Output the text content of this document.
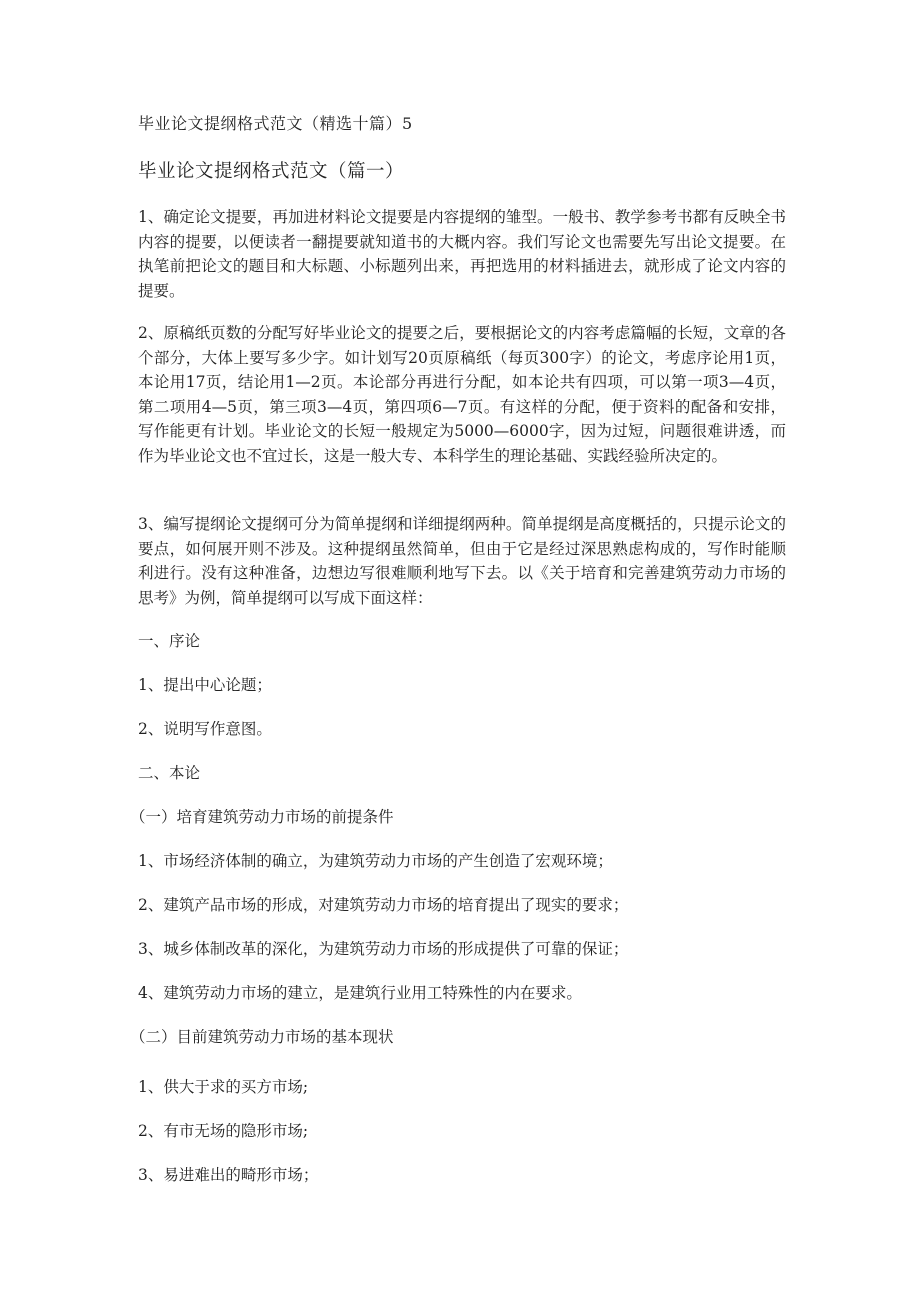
毕业论文提纲格式范文（精选十篇）5
毕业论文提纲格式范文（篇一）

1、确定论文提要，再加进材料论文提要是内容提纲的雏型。一般书、教学参考书都有反映全书内容的提要，以便读者一翻提要就知道书的大概内容。我们写论文也需要先写出论文提要。在执笔前把论文的题目和大标题、小标题列出来，再把选用的材料插进去，就形成了论文内容的提要。

2、原稿纸页数的分配写好毕业论文的提要之后，要根据论文的内容考虑篇幅的长短，文章的各个部分，大体上要写多少字。如计划写20页原稿纸（每页300字）的论文，考虑序论用1页，本论用17页，结论用1—2页。本论部分再进行分配，如本论共有四项，可以第一项3—4页，第二项用4—5页，第三项3—4页，第四项6—7页。有这样的分配，便于资料的配备和安排，写作能更有计划。毕业论文的长短一般规定为5000—6000字，因为过短，问题很难讲透，而作为毕业论文也不宜过长，这是一般大专、本科学生的理论基础、实践经验所决定的。

3、编写提纲论文提纲可分为简单提纲和详细提纲两种。简单提纲是高度概括的，只提示论文的要点，如何展开则不涉及。这种提纲虽然简单，但由于它是经过深思熟虑构成的，写作时能顺利进行。没有这种准备，边想边写很难顺利地写下去。以《关于培育和完善建筑劳动力市场的思考》为例，简单提纲可以写成下面这样：

一、序论
1、提出中心论题；
2、说明写作意图。
二、本论
（一）培育建筑劳动力市场的前提条件
1、市场经济体制的确立，为建筑劳动力市场的产生创造了宏观环境；
2、建筑产品市场的形成，对建筑劳动力市场的培育提出了现实的要求；
3、城乡体制改革的深化，为建筑劳动力市场的形成提供了可靠的保证；
4、建筑劳动力市场的建立，是建筑行业用工特殊性的内在要求。
（二）目前建筑劳动力市场的基本现状
1、供大于求的买方市场;
2、有市无场的隐形市场;
3、易进难出的畸形市场；
